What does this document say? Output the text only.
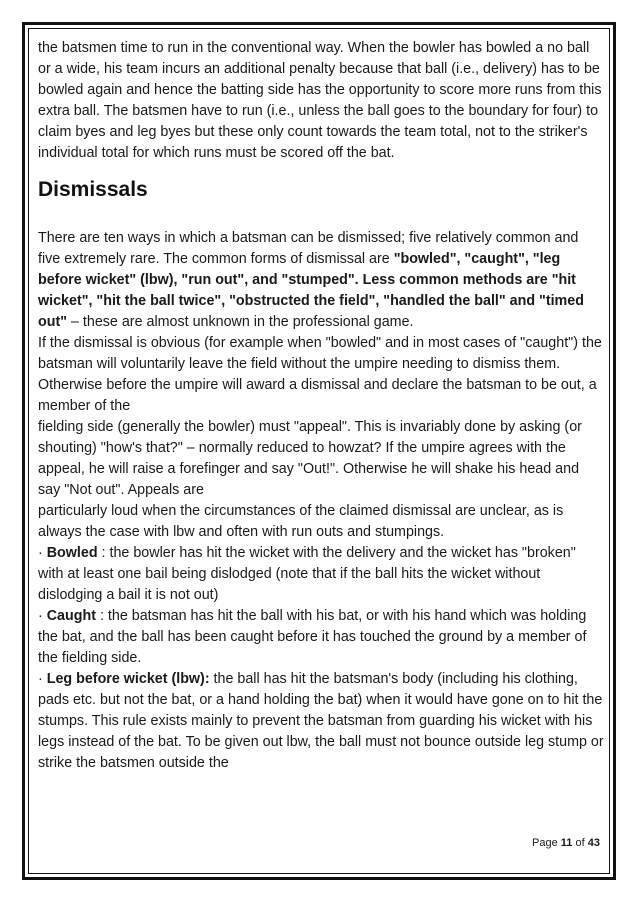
the batsmen time to run in the conventional way. When the bowler has bowled a no ball or a wide, his team incurs an additional penalty because that ball (i.e., delivery) has to be bowled again and hence the batting side has the opportunity to score more runs from this extra ball. The batsmen have to run (i.e., unless the ball goes to the boundary for four) to claim byes and leg byes but these only count towards the team total, not to the striker's individual total for which runs must be scored off the bat.

Dismissals

There are ten ways in which a batsman can be dismissed; five relatively common and five extremely rare. The common forms of dismissal are "bowled", "caught", "leg before wicket" (lbw), "run out", and "stumped". Less common methods are "hit wicket", "hit the ball twice", "obstructed the field", "handled the ball" and "timed out" – these are almost unknown in the professional game.

If the dismissal is obvious (for example when "bowled" and in most cases of "caught") the batsman will voluntarily leave the field without the umpire needing to dismiss them. Otherwise before the umpire will award a dismissal and declare the batsman to be out, a member of the

fielding side (generally the bowler) must "appeal". This is invariably done by asking (or shouting) "how's that?" – normally reduced to howzat? If the umpire agrees with the appeal, he will raise a forefinger and say "Out!". Otherwise he will shake his head and say "Not out". Appeals are

particularly loud when the circumstances of the claimed dismissal are unclear, as is always the case with lbw and often with run outs and stumpings.

· Bowled : the bowler has hit the wicket with the delivery and the wicket has "broken" with at least one bail being dislodged (note that if the ball hits the wicket without dislodging a bail it is not out)

· Caught : the batsman has hit the ball with his bat, or with his hand which was holding the bat, and the ball has been caught before it has touched the ground by a member of the fielding side.

· Leg before wicket (lbw): the ball has hit the batsman's body (including his clothing, pads etc. but not the bat, or a hand holding the bat) when it would have gone on to hit the stumps. This rule exists mainly to prevent the batsman from guarding his wicket with his legs instead of the bat. To be given out lbw, the ball must not bounce outside leg stump or strike the batsmen outside the

Page 11 of 43
